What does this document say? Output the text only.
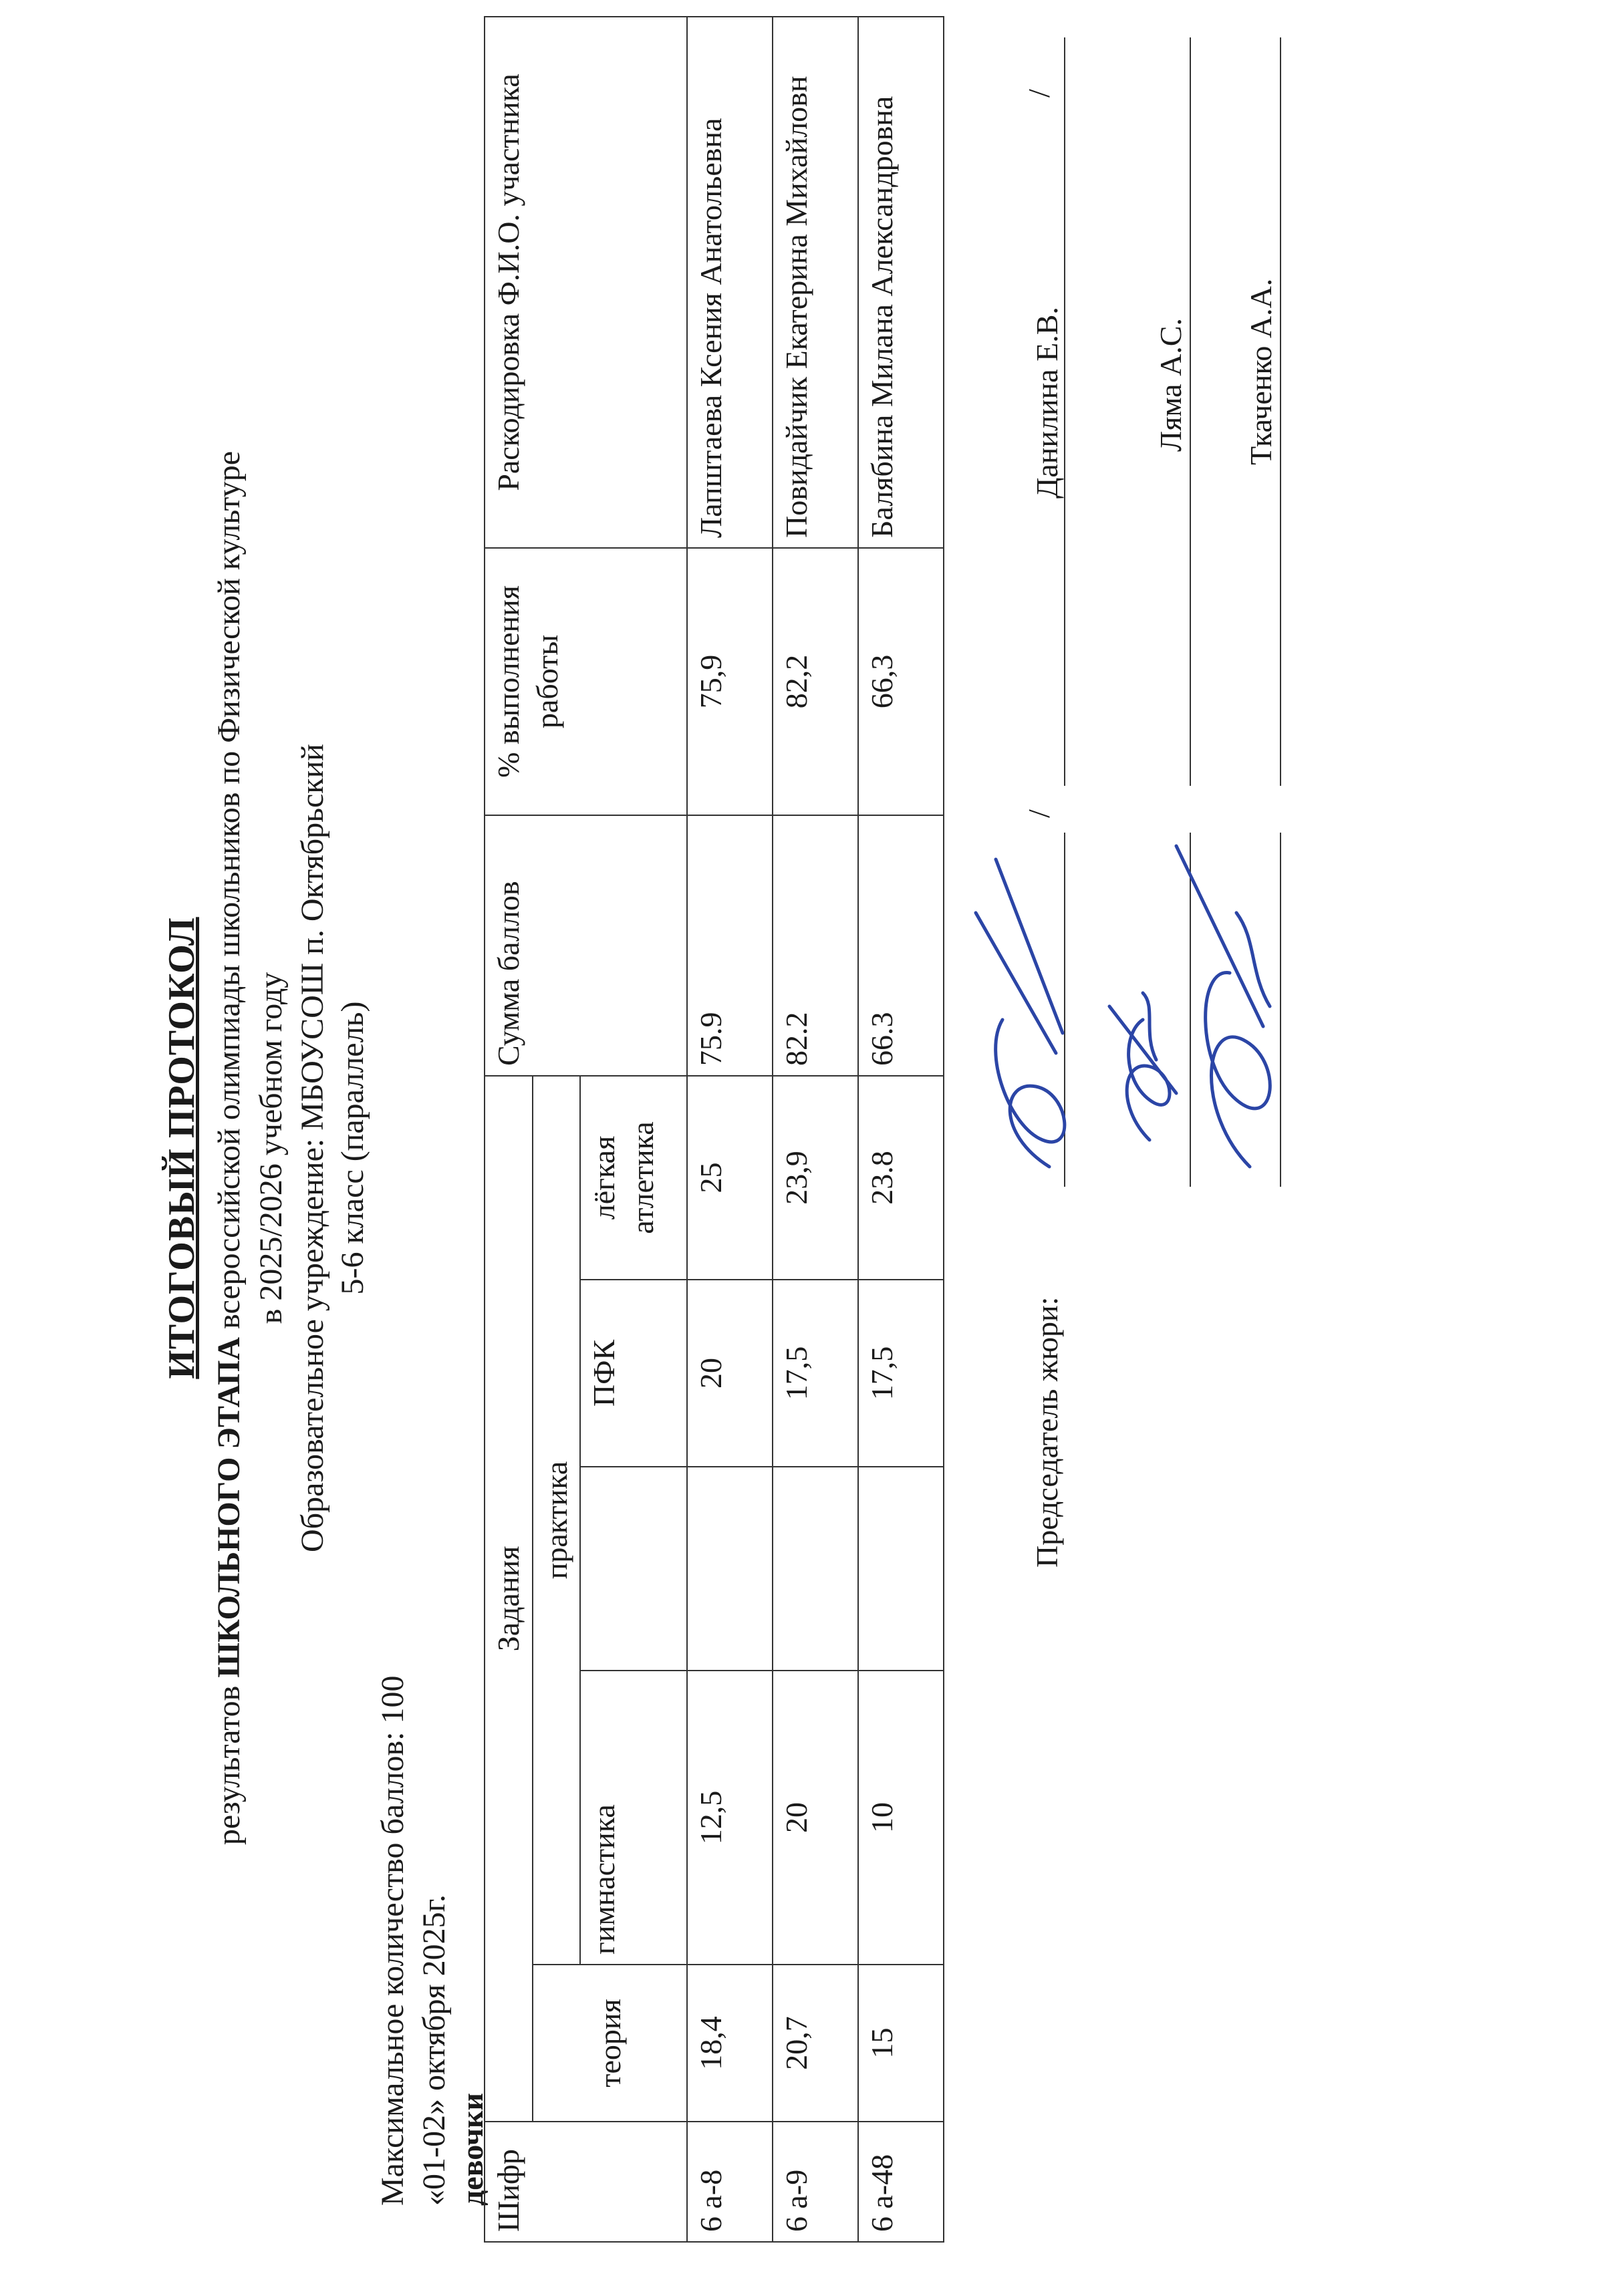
ИТОГОВЫЙ ПРОТОКОЛ
результатов ШКОЛЬНОГО ЭТАПА всероссийской олимпиады школьников по Физической культуре в 2025/2026 учебном году Образовательное учреждение: МБОУСОШ п. Октябрьский 5-6 класс (параллель)
Максимальное количество баллов: 100 «01-02» октября 2025г. девочки Шифр	Задания					Сумма баллов	% выполнения работы	Раскодировка Ф.И.О. участника
	теория	практика						
		гимнастика		ПФК	лёгкая атлетика			
6 а-8	18,4	12,5		20	25	75.9	75,9	Лапштаева Ксения Анатольевна
6 а-9	20,7	20		17,5	23,9	82.2	82,2	Повидайчик Екатерина Михайловн
6 а-48	15	10		17,5	23.8	66.3	66,3	Балябина Милана Александровна
Председатель жюри:
/
Данилина Е.В.
/
Ляма А.С. Ткаченко А.А.
